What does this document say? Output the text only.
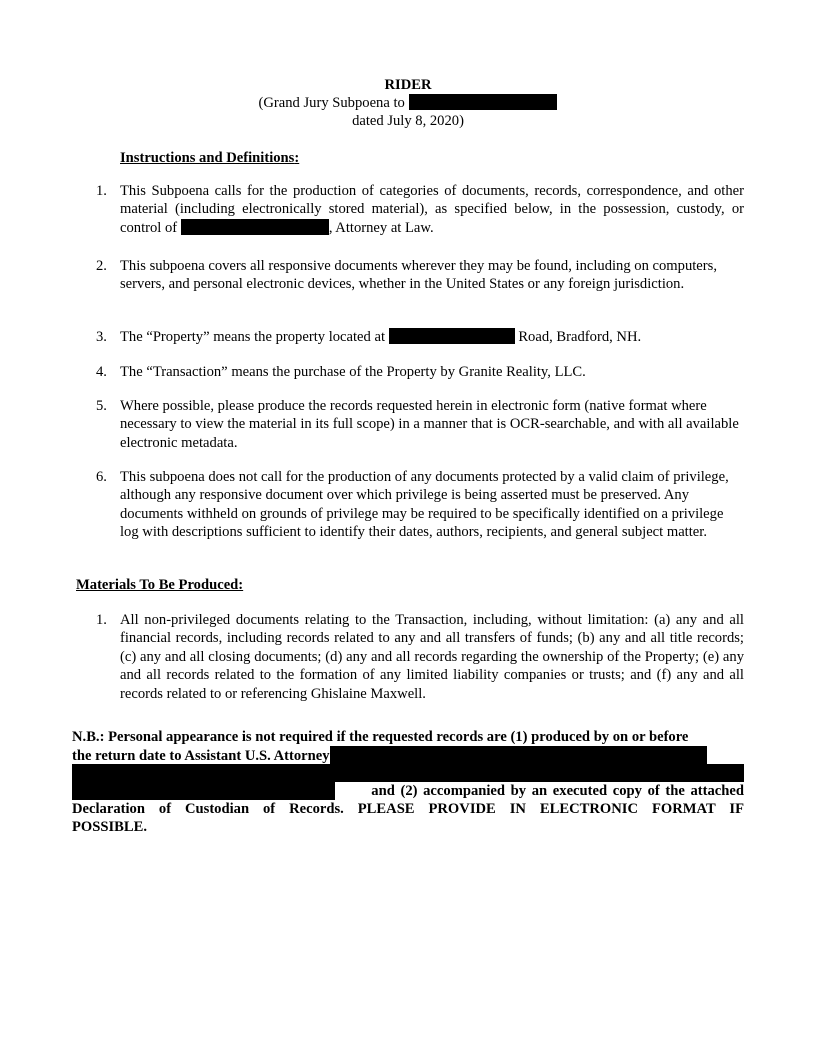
RIDER
(Grand Jury Subpoena to
dated July 8, 2020)
Instructions and Definitions:
1. This Subpoena calls for the production of categories of documents, records, correspondence, and other material (including electronically stored material), as specified below, in the possession, custody, or control of	, Attorney at Law.
2. This subpoena covers all responsive documents wherever they may be found, including on computers, servers, and personal electronic devices, whether in the United States or any foreign jurisdiction.
3. The “Property” means the property located at	Road, Bradford, NH.
4. The “Transaction” means the purchase of the Property by Granite Reality, LLC.
5. Where possible, please produce the records requested herein in electronic form (native format where necessary to view the material in its full scope) in a manner that is OCR-searchable, and with all available electronic metadata.
6. This subpoena does not call for the production of any documents protected by a valid claim of privilege, although any responsive document over which privilege is being asserted must be preserved. Any documents withheld on grounds of privilege may be required to be specifically identified on a privilege log with descriptions sufficient to identify their dates, authors, recipients, and general subject matter.
Materials To Be Produced:
1. All non-privileged documents relating to the Transaction, including, without limitation: (a) any and all financial records, including records related to any and all transfers of funds; (b) any and all title records; (c) any and all closing documents; (d) any and all records regarding the ownership of the Property; (e) any and all records related to the formation of any limited liability companies or trusts; and (f) any and all records related to or referencing Ghislaine Maxwell.
N.B.: Personal appearance is not required if the requested records are (1) produced by on or before
the return date to Assistant U.S. Attorney
and (2) accompanied by an executed copy of the attached
Declaration of Custodian of Records. PLEASE PROVIDE IN ELECTRONIC FORMAT IF
POSSIBLE.
